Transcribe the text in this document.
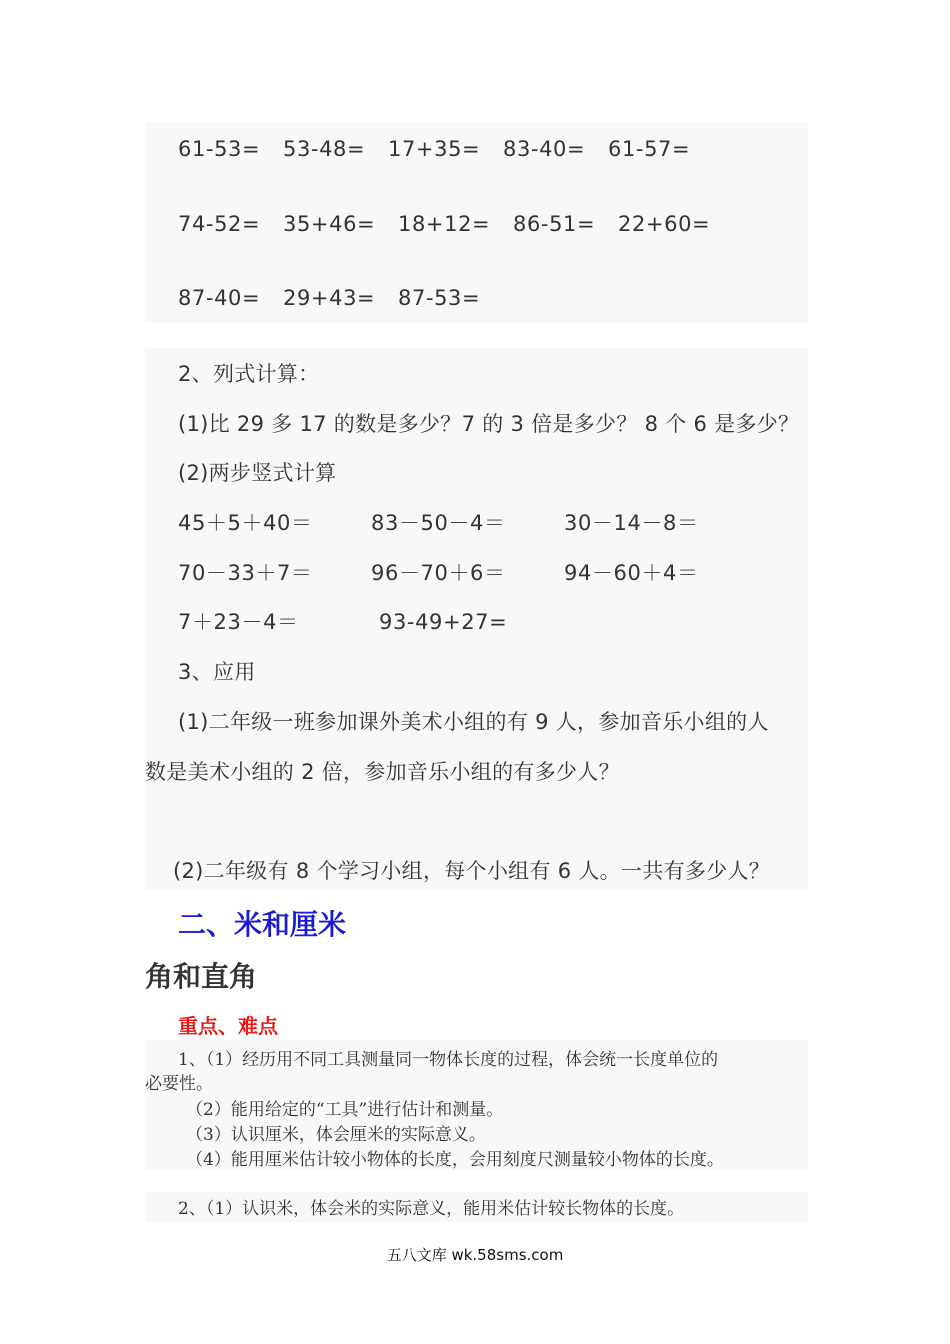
61-53= 53-48= 17+35= 83-40= 61-57=
74-52= 35+46= 18+12= 86-51= 22+60=
87-40= 29+43= 87-53=
2、列式计算：
(1)比 29 多 17 的数是多少？7 的 3 倍是多少？ 8 个 6 是多少？
(2)两步竖式计算
45＋5＋40＝	83－50－4＝	30－14－8＝
70－33＋7＝	96－70＋6＝	94－60＋4＝
7＋23－4＝	93-49+27=
3、应用
(1)二年级一班参加课外美术小组的有 9 人，参加音乐小组的人
数是美术小组的 2 倍，参加音乐小组的有多少人？
(2)二年级有 8 个学习小组，每个小组有 6 人。一共有多少人？
二、米和厘米
角和直角
重点、难点
1、（1）经历用不同工具测量同一物体长度的过程，体会统一长度单位的
必要性。
（2）能用给定的“工具”进行估计和测量。
（3）认识厘米，体会厘米的实际意义。
（4）能用厘米估计较小物体的长度，会用刻度尺测量较小物体的长度。
2、（1）认识米，体会米的实际意义，能用米估计较长物体的长度。
五八文库 wk.58sms.com
